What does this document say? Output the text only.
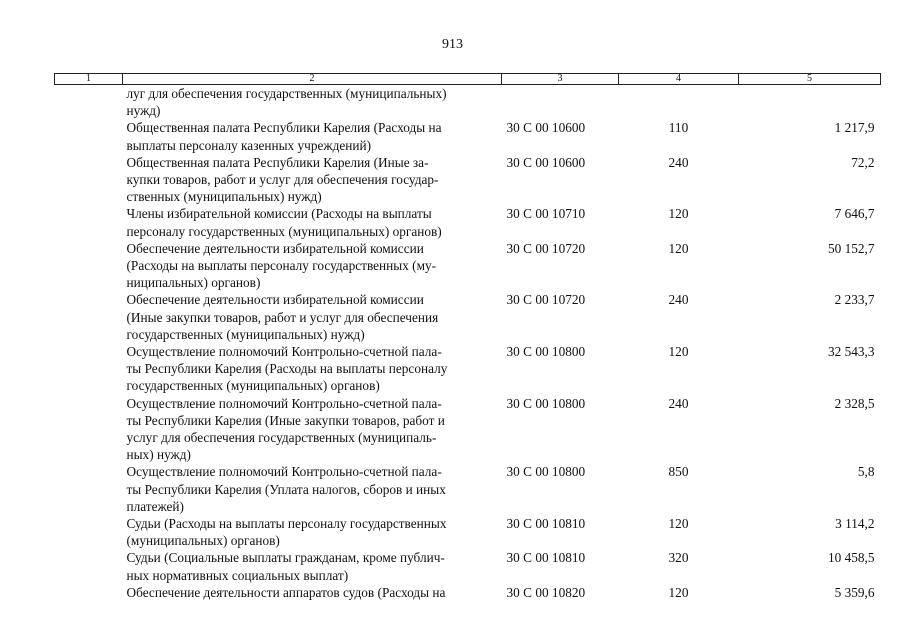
913
1	2	3	4	5

	луг для обеспечения государственных (муниципальных)
нужд)			

	Общественная палата Республики Карелия (Расходы на
выплаты персоналу казенных учреждений)	30 С 00 10600	110	1 217,9

	Общественная палата Республики Карелия (Иные за-
купки товаров, работ и услуг для обеспечения государ-
ственных (муниципальных) нужд)	30 С 00 10600	240	72,2

	Члены избирательной комиссии (Расходы на выплаты
персоналу государственных (муниципальных) органов)	30 С 00 10710	120	7 646,7

	Обеспечение деятельности избирательной комиссии
(Расходы на выплаты персоналу государственных (му-
ниципальных) органов)	30 С 00 10720	120	50 152,7

	Обеспечение деятельности избирательной комиссии
(Иные закупки товаров, работ и услуг для обеспечения
государственных (муниципальных) нужд)	30 С 00 10720	240	2 233,7

	Осуществление полномочий Контрольно-счетной пала-
ты Республики Карелия (Расходы на выплаты персоналу
государственных (муниципальных) органов)	30 С 00 10800	120	32 543,3

	Осуществление полномочий Контрольно-счетной пала-
ты Республики Карелия (Иные закупки товаров, работ и
услуг для обеспечения государственных (муниципаль-
ных) нужд)	30 С 00 10800	240	2 328,5

	Осуществление полномочий Контрольно-счетной пала-
ты Республики Карелия (Уплата налогов, сборов и иных
платежей)	30 С 00 10800	850	5,8

	Судьи (Расходы на выплаты персоналу государственных
(муниципальных) органов)	30 С 00 10810	120	3 114,2

	Судьи (Социальные выплаты гражданам, кроме публич-
ных нормативных социальных выплат)	30 С 00 10810	320	10 458,5

	Обеспечение деятельности аппаратов судов (Расходы на	30 С 00 10820	120	5 359,6
